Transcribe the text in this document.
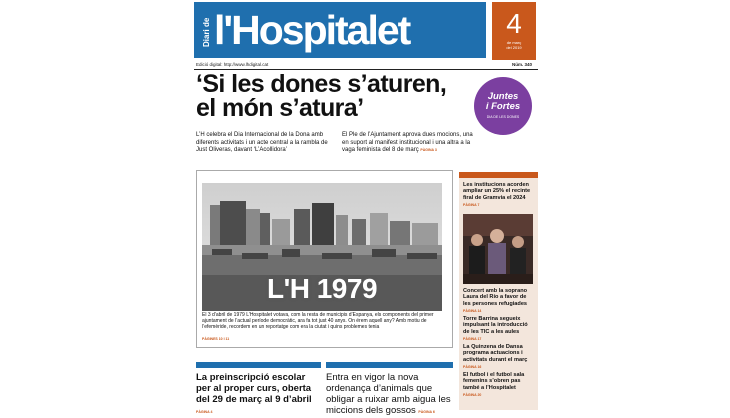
Diari de l'Hospitalet	4
de març
del 2019
Edició digital: http://www.lhdigital.cat	Núm. 340
‘Si les dones s’aturen,
el món s’atura’	Juntes
i Fortes
DIA DE LES DONES
L’H celebra el Dia Internacional de la Dona amb diferents activitats i un acte central a la rambla de Just Oliveras, davant ‘L’Acollidora’
El Ple de l’Ajuntament aprova dues mocions, una en suport al manifest institucional i una altra a la vaga feminista del 8 de març PÀGINA 3
L'H 1979
El 3 d’abril de 1979 L’Hospitalet votava, com la resta de municipis d’Espanya, els components del primer ajuntament de l’actual període democràtic, ara fa tot just 40 anys. On érem aquell any? Amb motiu de l’efemèride, recordem en un reportatge com era la ciutat i quins problemes tenia
PÀGINES 10 I 11
Les institucions acorden ampliar un 25% el recinte firal de Gramvia el 2024
PÀGINA 7
Concert amb la soprano Laura del Río a favor de les persones refugiades
PÀGINA 14
Torre Barrina segueix impulsant la introducció de les TIC a les aules
PÀGINA 17
La Quinzena de Dansa programa actuacions i activitats durant el març
PÀGINA 16
El futbol i el futbol sala femenins s’obren pas també a l’Hospitalet
PÀGINA 20
La preinscripció escolar per al proper curs, oberta del 29 de març al 9 d’abril PÀGINA 4
Entra en vigor la nova ordenança d’animals que obligar a ruixar amb aigua les miccions dels gossos PÀGINA 6
